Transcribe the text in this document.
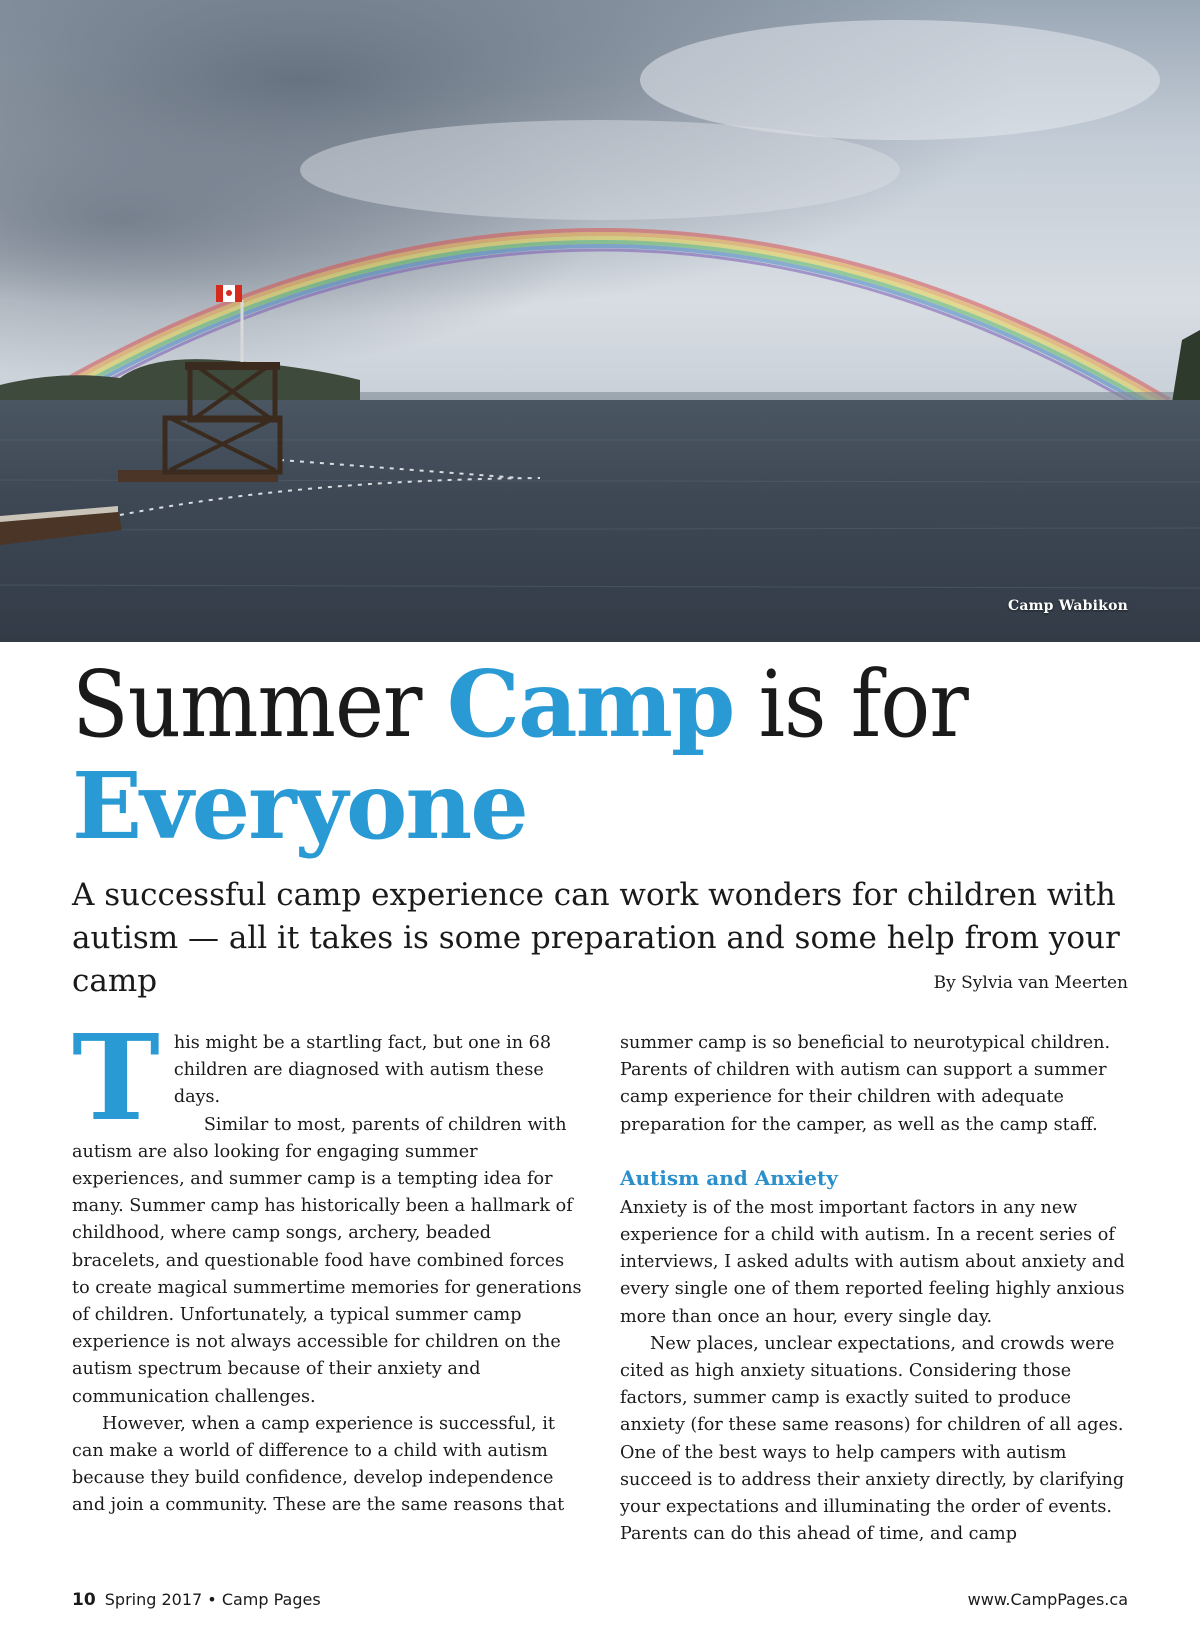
Camp Wabikon
Summer Camp is for
Everyone

A successful camp experience can work wonders for children with autism — all it takes is some preparation and some help from your camp	By Sylvia van Meerten

This might be a startling fact, but one in 68 children are diagnosed with autism these days.

Similar to most, parents of children with autism are also looking for engaging summer experiences, and summer camp is a tempting idea for many. Summer camp has historically been a hallmark of childhood, where camp songs, archery, beaded bracelets, and questionable food have combined forces to create magical summertime memories for generations of children. Unfortunately, a typical summer camp experience is not always accessible for children on the autism spectrum because of their anxiety and communication challenges.

However, when a camp experience is successful, it can make a world of difference to a child with autism because they build confidence, develop independence and join a community. These are the same reasons that

summer camp is so beneficial to neurotypical children. Parents of children with autism can support a summer camp experience for their children with adequate preparation for the camper, as well as the camp staff.

Autism and Anxiety

Anxiety is of the most important factors in any new experience for a child with autism. In a recent series of interviews, I asked adults with autism about anxiety and every single one of them reported feeling highly anxious more than once an hour, every single day.

New places, unclear expectations, and crowds were cited as high anxiety situations. Considering those factors, summer camp is exactly suited to produce anxiety (for these same reasons) for children of all ages. One of the best ways to help campers with autism succeed is to address their anxiety directly, by clarifying your expectations and illuminating the order of events. Parents can do this ahead of time, and camp

10 Spring 2017 • Camp Pages	www.CampPages.ca
